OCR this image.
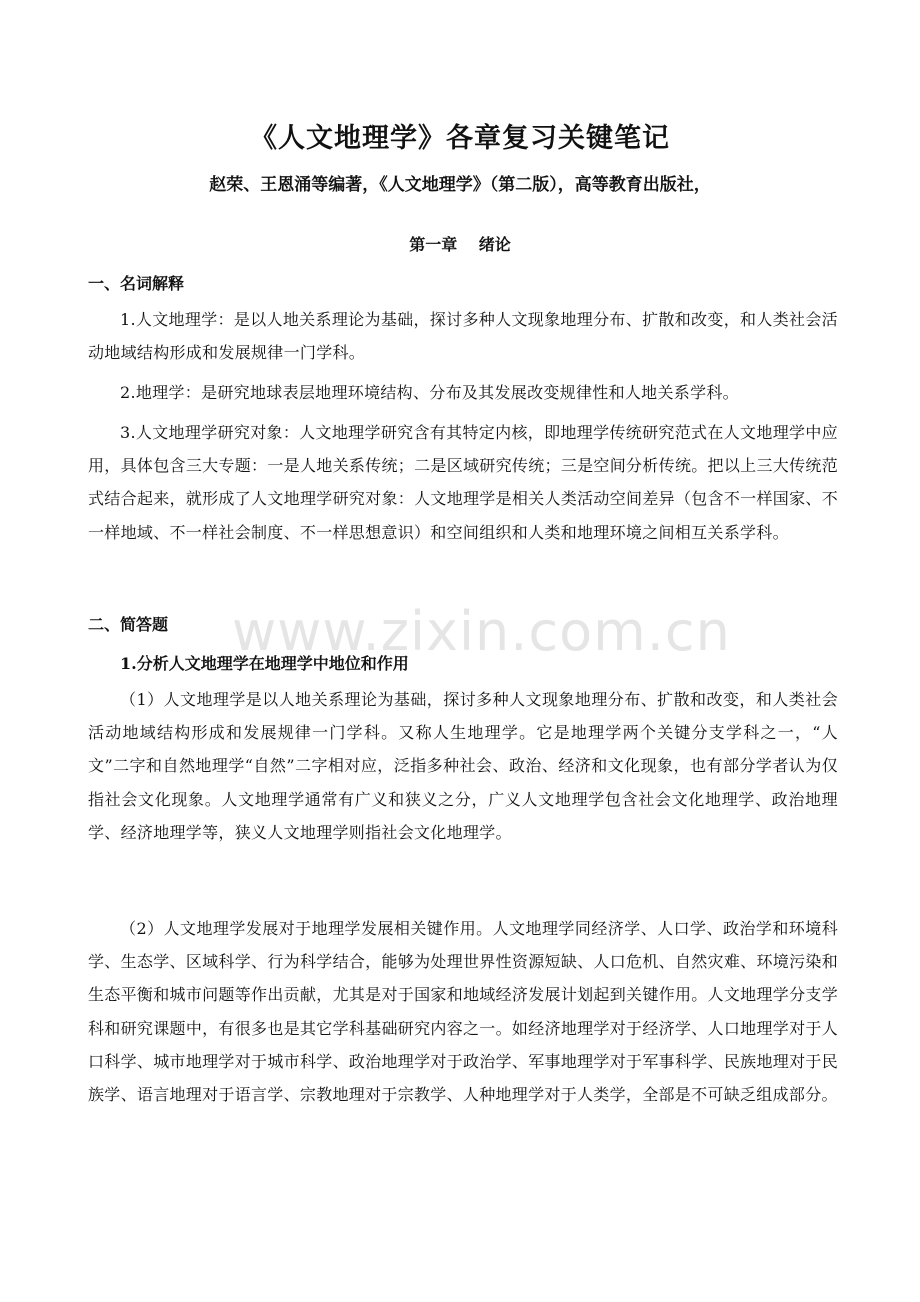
www.zixin.com.cn
《人文地理学》各章复习关键笔记
赵荣、王恩涌等编著，《人文地理学》（第二版），高等教育出版社，
第一章　 绪论
一、名词解释
1.人文地理学：是以人地关系理论为基础，探讨多种人文现象地理分布、扩散和改变，和人类社会活动地域结构形成和发展规律一门学科。
2.地理学：是研究地球表层地理环境结构、分布及其发展改变规律性和人地关系学科。
3.人文地理学研究对象：人文地理学研究含有其特定内核，即地理学传统研究范式在人文地理学中应用，具体包含三大专题：一是人地关系传统；二是区域研究传统；三是空间分析传统。把以上三大传统范式结合起来，就形成了人文地理学研究对象：人文地理学是相关人类活动空间差异（包含不一样国家、不一样地域、不一样社会制度、不一样思想意识）和空间组织和人类和地理环境之间相互关系学科。
二、简答题
1.分析人文地理学在地理学中地位和作用
（1）人文地理学是以人地关系理论为基础，探讨多种人文现象地理分布、扩散和改变，和人类社会活动地域结构形成和发展规律一门学科。又称人生地理学。它是地理学两个关键分支学科之一，“人文”二字和自然地理学“自然”二字相对应，泛指多种社会、政治、经济和文化现象，也有部分学者认为仅指社会文化现象。人文地理学通常有广义和狭义之分，广义人文地理学包含社会文化地理学、政治地理学、经济地理学等，狭义人文地理学则指社会文化地理学。
（2）人文地理学发展对于地理学发展相关键作用。人文地理学同经济学、人口学、政治学和环境科学、生态学、区域科学、行为科学结合，能够为处理世界性资源短缺、人口危机、自然灾难、环境污染和生态平衡和城市问题等作出贡献，尤其是对于国家和地域经济发展计划起到关键作用。人文地理学分支学科和研究课题中，有很多也是其它学科基础研究内容之一。如经济地理学对于经济学、人口地理学对于人口科学、城市地理学对于城市科学、政治地理学对于政治学、军事地理学对于军事科学、民族地理对于民族学、语言地理对于语言学、宗教地理对于宗教学、人种地理学对于人类学，全部是不可缺乏组成部分。
